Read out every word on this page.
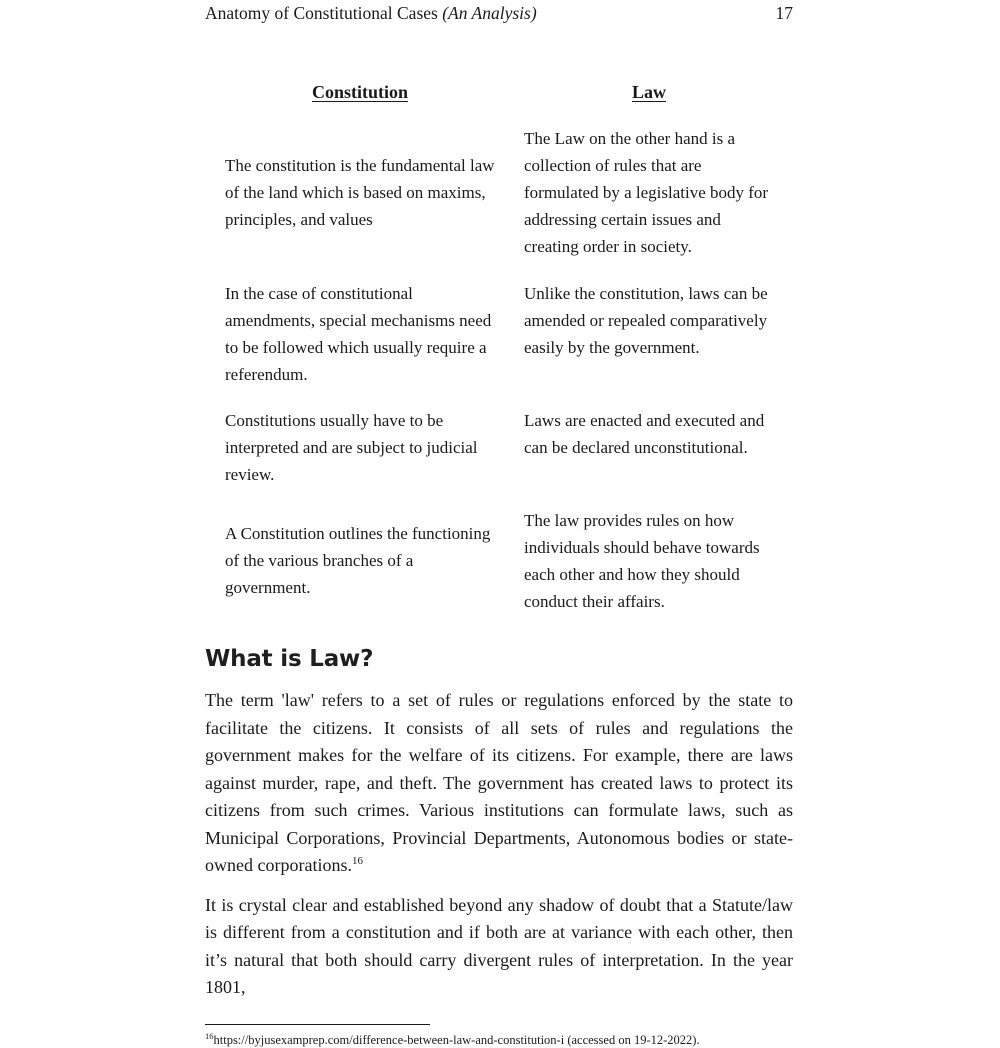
Anatomy of Constitutional Cases (An Analysis)	17
Constitution	Law
The constitution is the fundamental law of the land which is based on maxims, principles, and values
The Law on the other hand is a collection of rules that are formulated by a legislative body for addressing certain issues and creating order in society.
In the case of constitutional amendments, special mechanisms need to be followed which usually require a referendum.
Unlike the constitution, laws can be amended or repealed comparatively easily by the government.
Constitutions usually have to be interpreted and are subject to judicial review.
Laws are enacted and executed and can be declared unconstitutional.
A Constitution outlines the functioning of the various branches of a government.
The law provides rules on how individuals should behave towards each other and how they should conduct their affairs.
What is Law?

The term 'law' refers to a set of rules or regulations enforced by the state to facilitate the citizens. It consists of all sets of rules and regulations the government makes for the welfare of its citizens. For example, there are laws against murder, rape, and theft. The government has created laws to protect its citizens from such crimes. Various institutions can formulate laws, such as Municipal Corporations, Provincial Departments, Autonomous bodies or state-owned corporations.$^{16}$

It is crystal clear and established beyond any shadow of doubt that a Statute/law is different from a constitution and if both are at variance with each other, then it’s natural that both should carry divergent rules of interpretation. In the year 1801,

$^{16}$https://byjusexamprep.com/difference-between-law-and-constitution-i (accessed on 19-12-2022).
